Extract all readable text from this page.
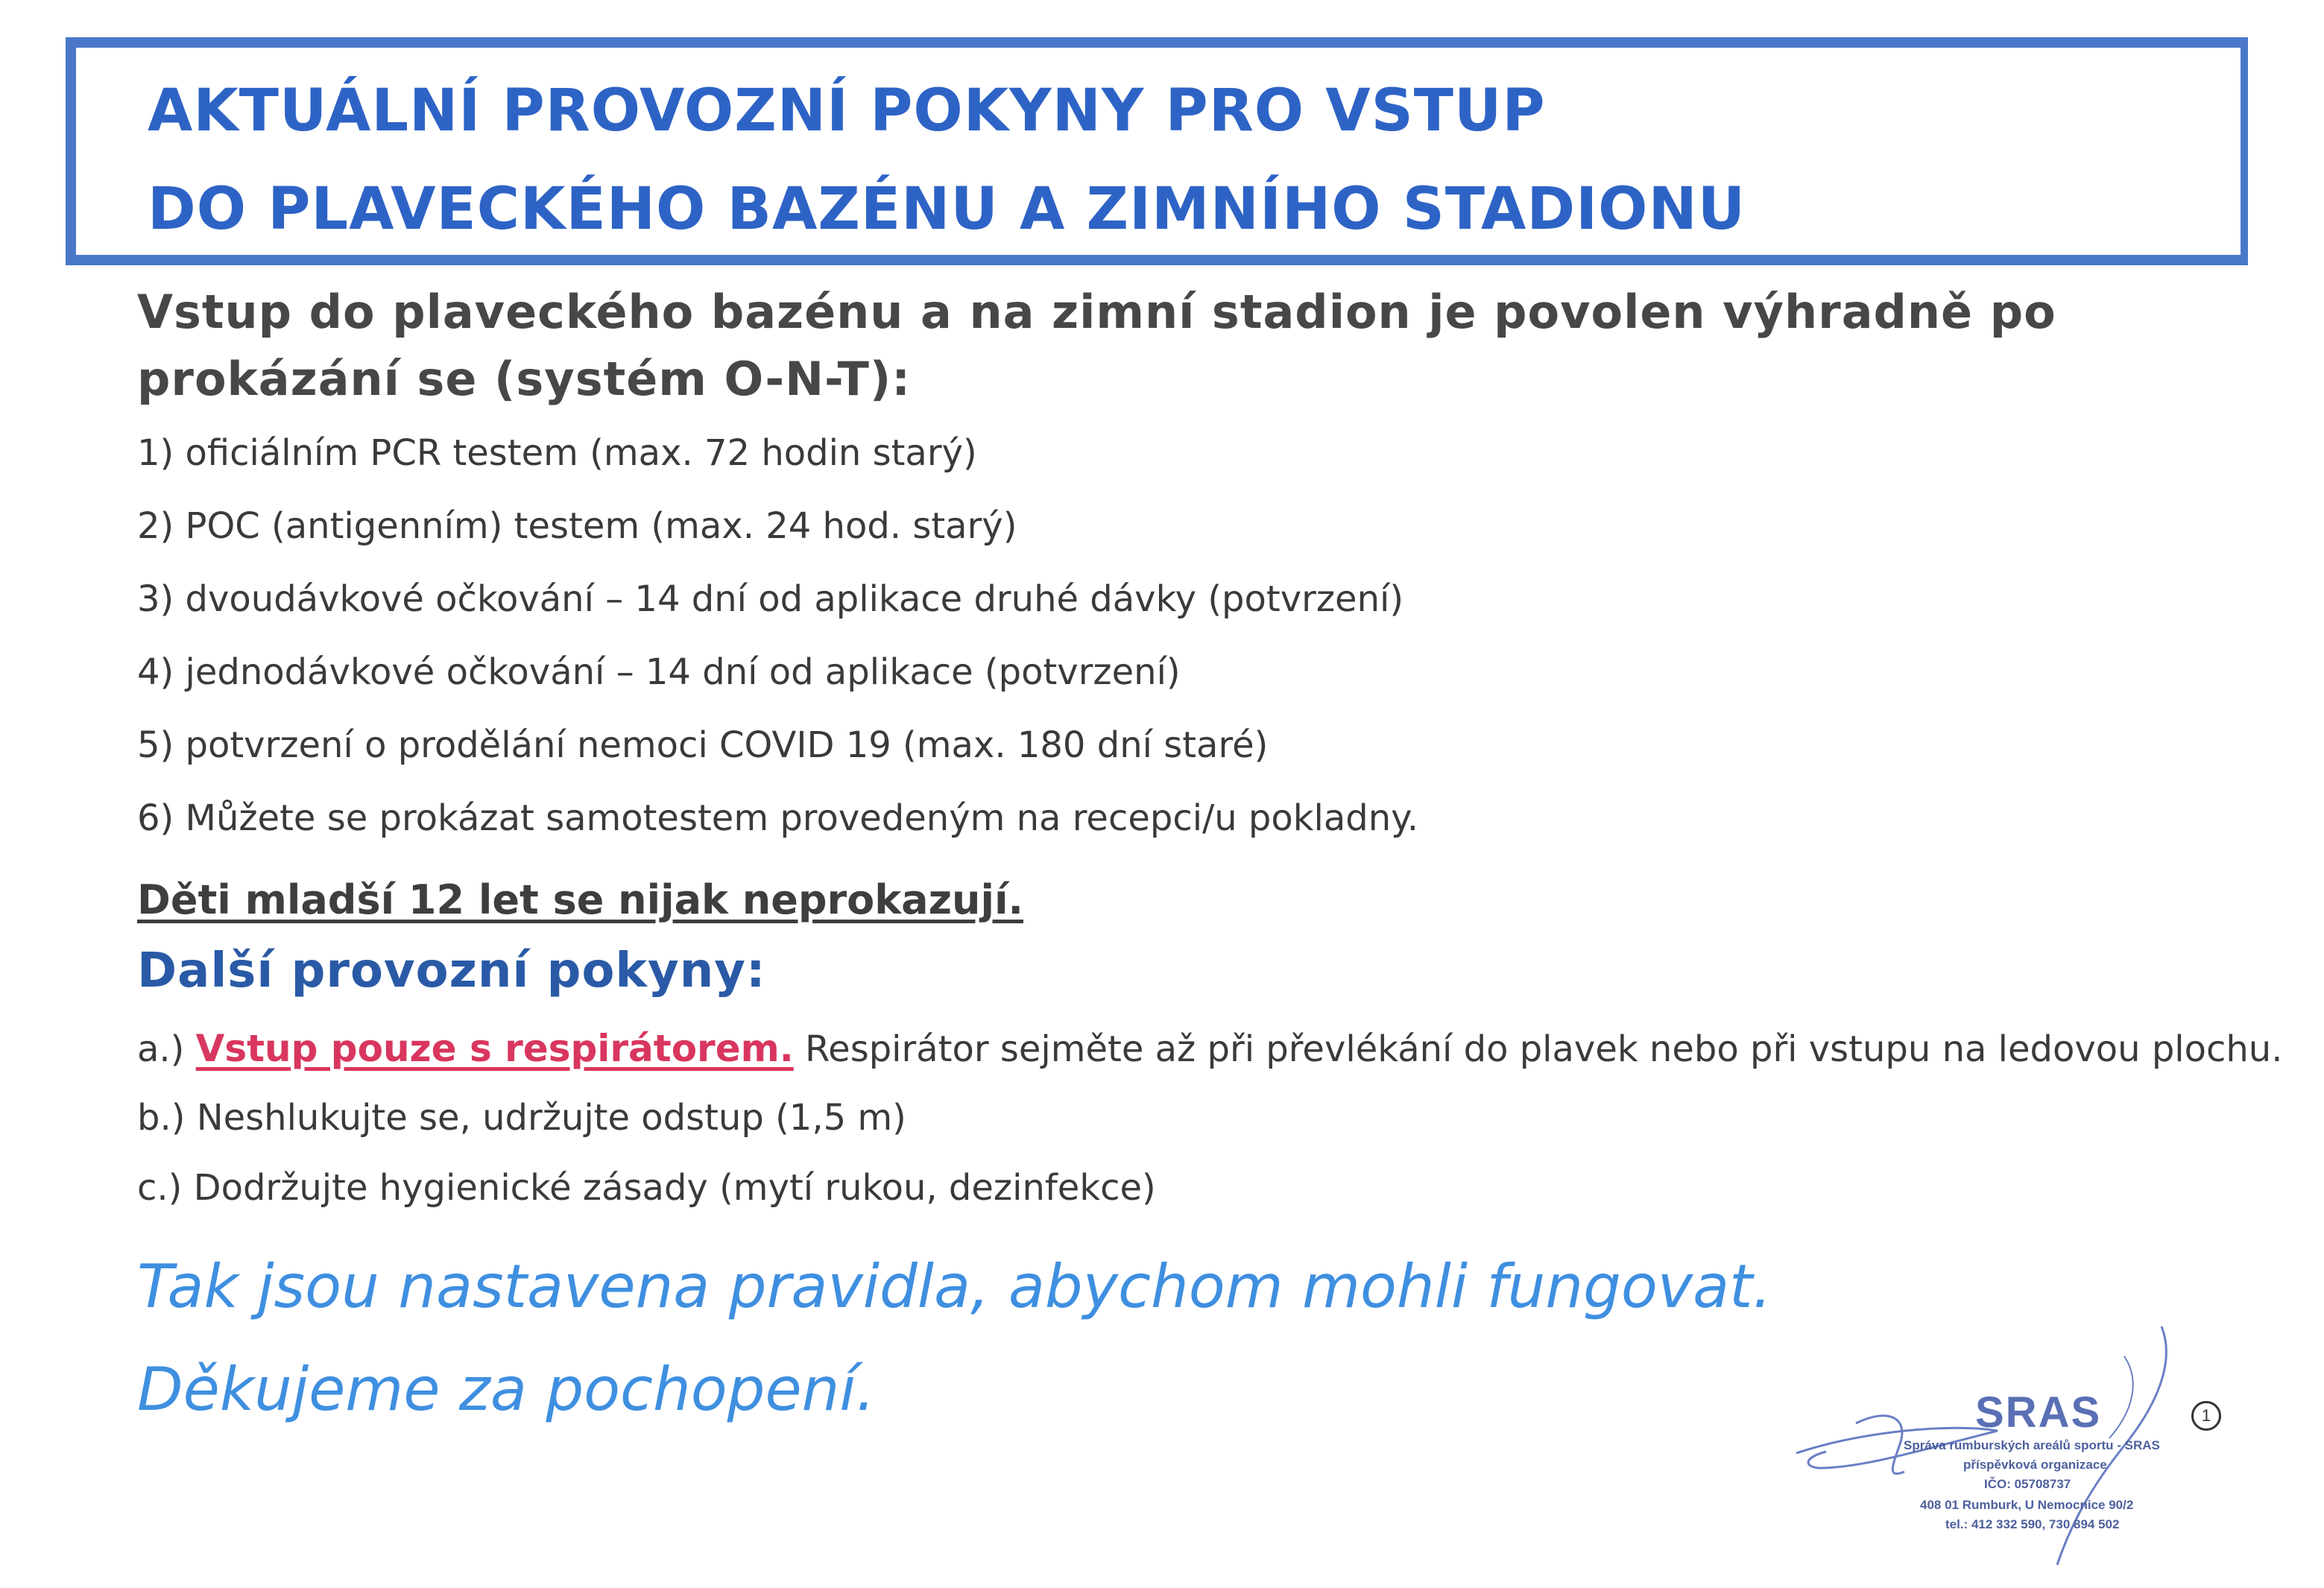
AKTUÁLNÍ PROVOZNÍ POKYNY PRO VSTUP
DO PLAVECKÉHO BAZÉNU A ZIMNÍHO STADIONU
Vstup do plaveckého bazénu a na zimní stadion je povolen výhradně po
prokázání se (systém O-N-T):
1) oficiálním PCR testem (max. 72 hodin starý)
2) POC (antigenním) testem (max. 24 hod. starý)
3) dvoudávkové očkování – 14 dní od aplikace druhé dávky (potvrzení)
4) jednodávkové očkování – 14 dní od aplikace (potvrzení)
5) potvrzení o prodělání nemoci COVID 19 (max. 180 dní staré)
6) Můžete se prokázat samotestem provedeným na recepci/u pokladny.
Děti mladší 12 let se nijak neprokazují.
Další provozní pokyny:
a.) Vstup pouze s respirátorem. Respirátor sejměte až při převlékání do plavek nebo při vstupu na ledovou plochu.
b.) Neshlukujte se, udržujte odstup (1,5 m)
c.) Dodržujte hygienické zásady (mytí rukou, dezinfekce)
Tak jsou nastavena pravidla, abychom mohli fungovat.
Děkujeme za pochopení.	SRAS
Správa rumburských areálů sportu - SRAS
příspěvková organizace
IČO: 05708737
408 01 Rumburk, U Nemocnice 90/2
tel.: 412 332 590, 730 894 502
1
